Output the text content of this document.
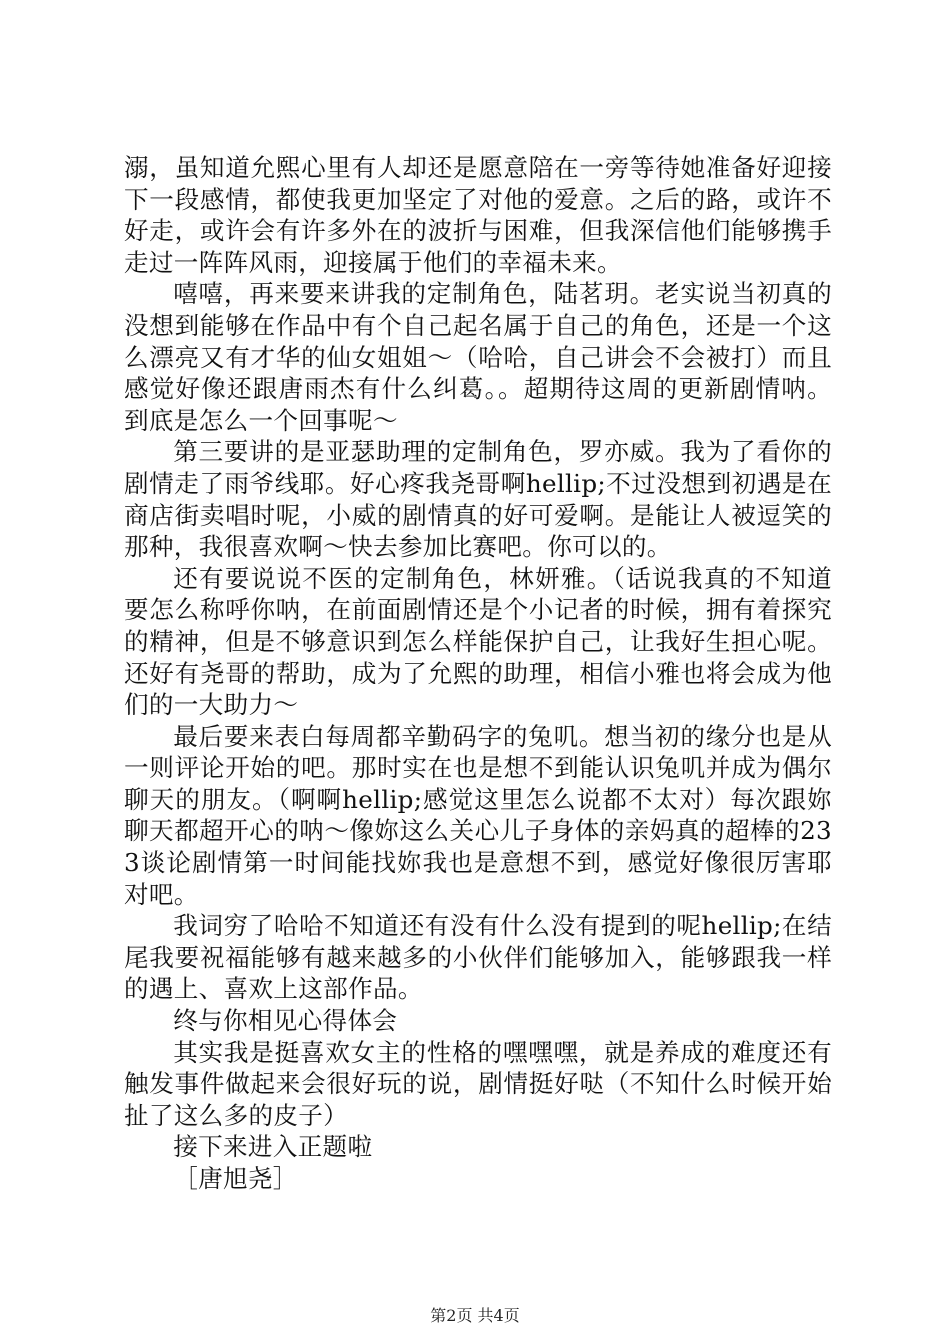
溺，虽知道允熙心里有人却还是愿意陪在一旁等待她准备好迎接下一段感情，都使我更加坚定了对他的爱意。之后的路，或许不好走，或许会有许多外在的波折与困难，但我深信他们能够携手走过一阵阵风雨，迎接属于他们的幸福未来。

嘻嘻，再来要来讲我的定制角色，陆茗玥。老实说当初真的没想到能够在作品中有个自己起名属于自己的角色，还是一个这么漂亮又有才华的仙女姐姐～（哈哈，自己讲会不会被打）而且感觉好像还跟唐雨杰有什么纠葛。。超期待这周的更新剧情呐。到底是怎么一个回事呢～

第三要讲的是亚瑟助理的定制角色，罗亦威。我为了看你的剧情走了雨爷线耶。好心疼我尧哥啊hellip;不过没想到初遇是在商店街卖唱时呢，小威的剧情真的好可爱啊。是能让人被逗笑的那种，我很喜欢啊～快去参加比赛吧。你可以的。

还有要说说不医的定制角色，林妍雅。（话说我真的不知道要怎么称呼你呐，在前面剧情还是个小记者的时候，拥有着探究的精神，但是不够意识到怎么样能保护自己，让我好生担心呢。还好有尧哥的帮助，成为了允熙的助理，相信小雅也将会成为他们的一大助力～

最后要来表白每周都辛勤码字的兔叽。想当初的缘分也是从一则评论开始的吧。那时实在也是想不到能认识兔叽并成为偶尔聊天的朋友。（啊啊hellip;感觉这里怎么说都不太对）每次跟妳聊天都超开心的呐～像妳这么关心儿子身体的亲妈真的超棒的233谈论剧情第一时间能找妳我也是意想不到，感觉好像很厉害耶对吧。

我词穷了哈哈不知道还有没有什么没有提到的呢hellip;在结尾我要祝福能够有越来越多的小伙伴们能够加入，能够跟我一样的遇上、喜欢上这部作品。

终与你相见心得体会

其实我是挺喜欢女主的性格的嘿嘿嘿，就是养成的难度还有触发事件做起来会很好玩的说，剧情挺好哒（不知什么时候开始扯了这么多的皮子）

接下来进入正题啦

［唐旭尧］

第2页 共4页
